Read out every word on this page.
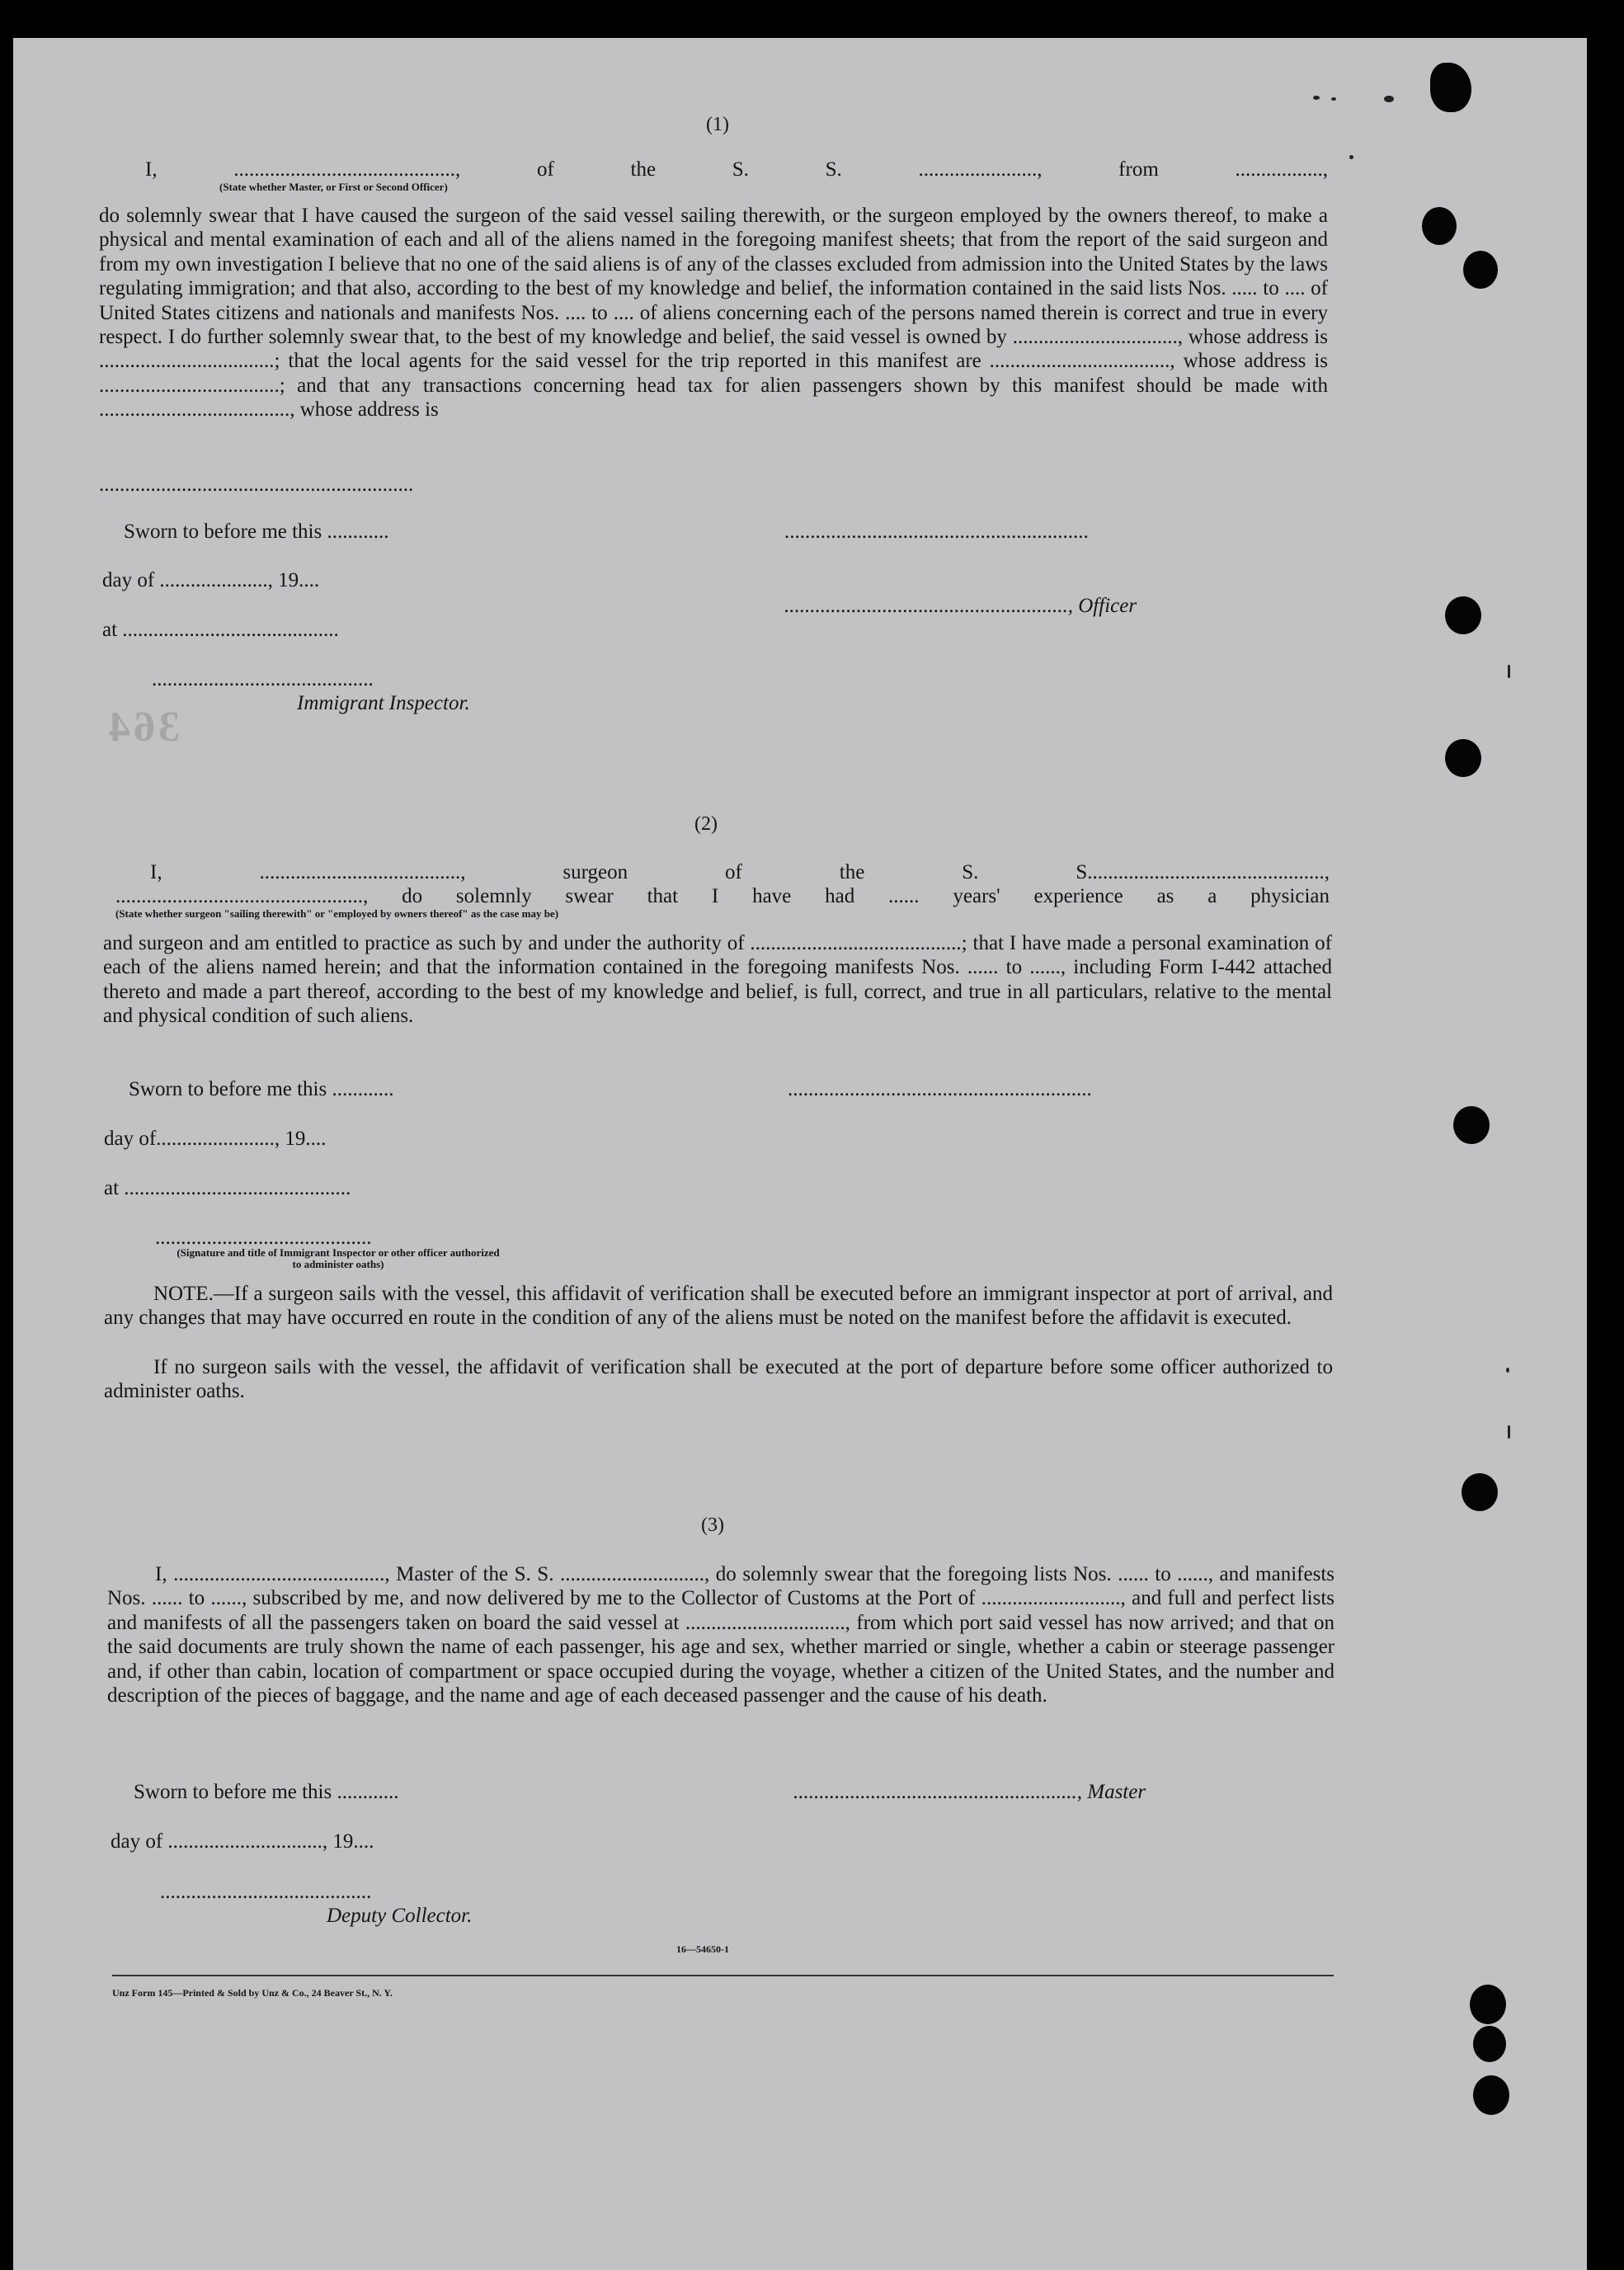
364
(1)
I, ..........................................., of the S. S. ......................., from .................,
(State whether Master, or First or Second Officer)

do solemnly swear that I have caused the surgeon of the said vessel sailing therewith, or the surgeon employed by the owners thereof, to make a physical and mental examination of each and all of the aliens named in the foregoing manifest sheets; that from the report of the said surgeon and from my own investigation I believe that no one of the said aliens is of any of the classes excluded from admission into the United States by the laws regulating immigration; and that also, according to the best of my knowledge and belief, the information contained in the said lists Nos. ..... to .... of United States citizens and nationals and manifests Nos. .... to .... of aliens concerning each of the persons named therein is correct and true in every respect. I do further solemnly swear that, to the best of my knowledge and belief, the said vessel is owned by ................................, whose address is ..................................; that the local agents for the said vessel for the trip reported in this manifest are ..................................., whose address is ...................................; and that any transactions concerning head tax for alien passengers shown by this manifest should be made with ....................................., whose address is

.............................................................
Sworn to before me this ............	...........................................................
day of ....................., 19....
......................................................., Officer
at ..........................................
...........................................
Immigrant Inspector.
(2)
I, ......................................., surgeon of the S. S..............................................,
................................................, do solemnly swear that I have had ...... years' experience as a physician
(State whether surgeon "sailing therewith" or "employed by owners thereof" as the case may be)

and surgeon and am entitled to practice as such by and under the authority of .........................................; that I have made a personal examination of each of the aliens named herein; and that the information contained in the foregoing manifests Nos. ...... to ......, including Form I-442 attached thereto and made a part thereof, according to the best of my knowledge and belief, is full, correct, and true in all particulars, relative to the mental and physical condition of such aliens.

Sworn to before me this ............	...........................................................
day of......................., 19....
at ............................................
..........................................
(Signature and title of Immigrant Inspector or other officer authorized to administer oaths)

NOTE.—If a surgeon sails with the vessel, this affidavit of verification shall be executed before an immigrant inspector at port of arrival, and any changes that may have occurred en route in the condition of any of the aliens must be noted on the manifest before the affidavit is executed.

If no surgeon sails with the vessel, the affidavit of verification shall be executed at the port of departure before some officer authorized to administer oaths.

(3)

I, ........................................., Master of the S. S. ............................, do solemnly swear that the foregoing lists Nos. ...... to ......, and manifests Nos. ...... to ......, subscribed by me, and now delivered by me to the Collector of Customs at the Port of ..........................., and full and perfect lists and manifests of all the passengers taken on board the said vessel at ..............................., from which port said vessel has now arrived; and that on the said documents are truly shown the name of each passenger, his age and sex, whether married or single, whether a cabin or steerage passenger and, if other than cabin, location of compartment or space occupied during the voyage, whether a citizen of the United States, and the number and description of the pieces of baggage, and the name and age of each deceased passenger and the cause of his death.

Sworn to before me this ............	......................................................., Master
day of .............................., 19....
.........................................
Deputy Collector.
16—54650-1
Unz Form 145—Printed & Sold by Unz & Co., 24 Beaver St., N. Y.
